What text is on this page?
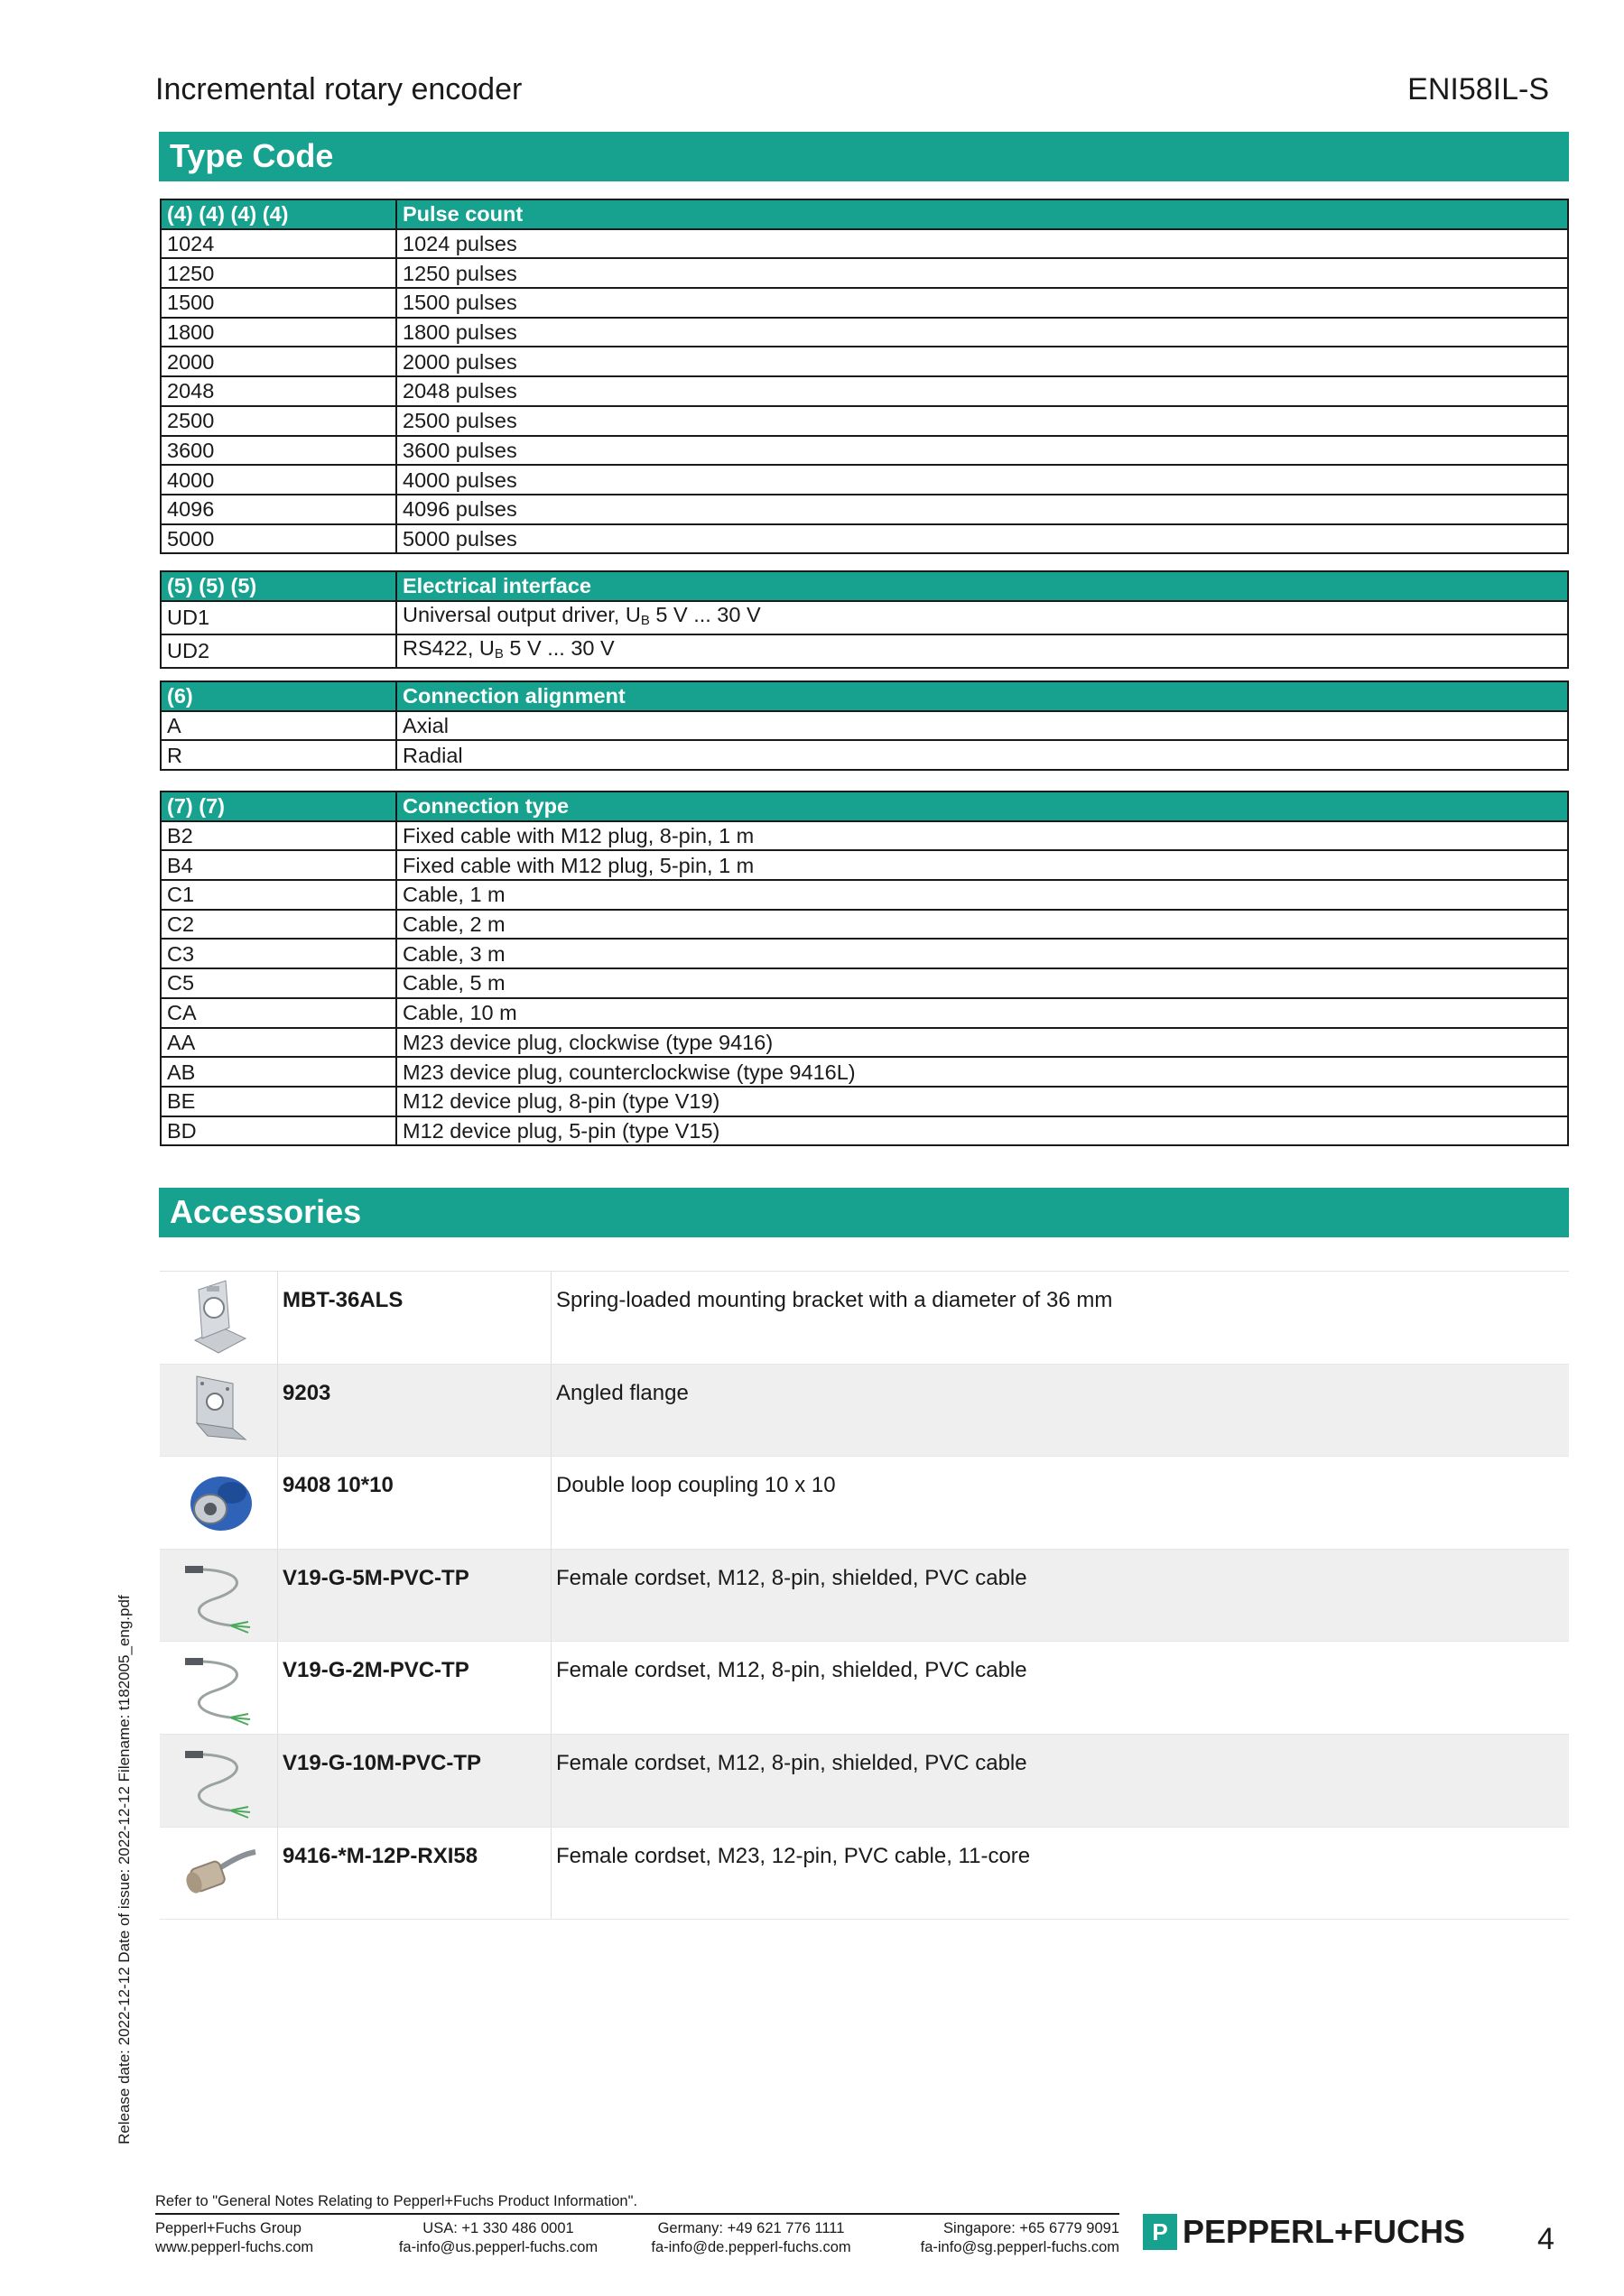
Incremental rotary encoder	ENI58IL-S
Type Code
(4) (4) (4) (4)	Pulse count
1024	1024 pulses
1250	1250 pulses
1500	1500 pulses
1800	1800 pulses
2000	2000 pulses
2048	2048 pulses
2500	2500 pulses
3600	3600 pulses
4000	4000 pulses
4096	4096 pulses
5000	5000 pulses
(5) (5) (5)	Electrical interface
UD1	Universal output driver, $U_B$ 5 V ... 30 V
UD2	RS422, $U_B$ 5 V ... 30 V
(6)	Connection alignment
A	Axial
R	Radial
(7) (7)	Connection type
B2	Fixed cable with M12 plug, 8-pin, 1 m
B4	Fixed cable with M12 plug, 5-pin, 1 m
C1	Cable, 1 m
C2	Cable, 2 m
C3	Cable, 3 m
C5	Cable, 5 m
CA	Cable, 10 m
AA	M23 device plug, clockwise (type 9416)
AB	M23 device plug, counterclockwise (type 9416L)
BE	M12 device plug, 8-pin (type V19)
BD	M12 device plug, 5-pin (type V15)
Accessories
MBT-36ALS	Spring-loaded mounting bracket with a diameter of 36 mm
9203	Angled flange
9408 10*10	Double loop coupling 10 x 10
V19-G-5M-PVC-TP	Female cordset, M12, 8-pin, shielded, PVC cable
V19-G-2M-PVC-TP	Female cordset, M12, 8-pin, shielded, PVC cable
V19-G-10M-PVC-TP	Female cordset, M12, 8-pin, shielded, PVC cable
9416-*M-12P-RXI58	Female cordset, M23, 12-pin, PVC cable, 11-core
Release date: 2022-12-12 Date of issue: 2022-12-12 Filename: t182005_eng.pdf
Refer to "General Notes Relating to Pepperl+Fuchs Product Information".
Pepperl+Fuchs Group
www.pepperl-fuchs.com
USA: +1 330 486 0001
fa-info@us.pepperl-fuchs.com
Germany: +49 621 776 1111
fa-info@de.pepperl-fuchs.com
Singapore: +65 6779 9091
fa-info@sg.pepperl-fuchs.com
P PEPPERL+FUCHS 4
